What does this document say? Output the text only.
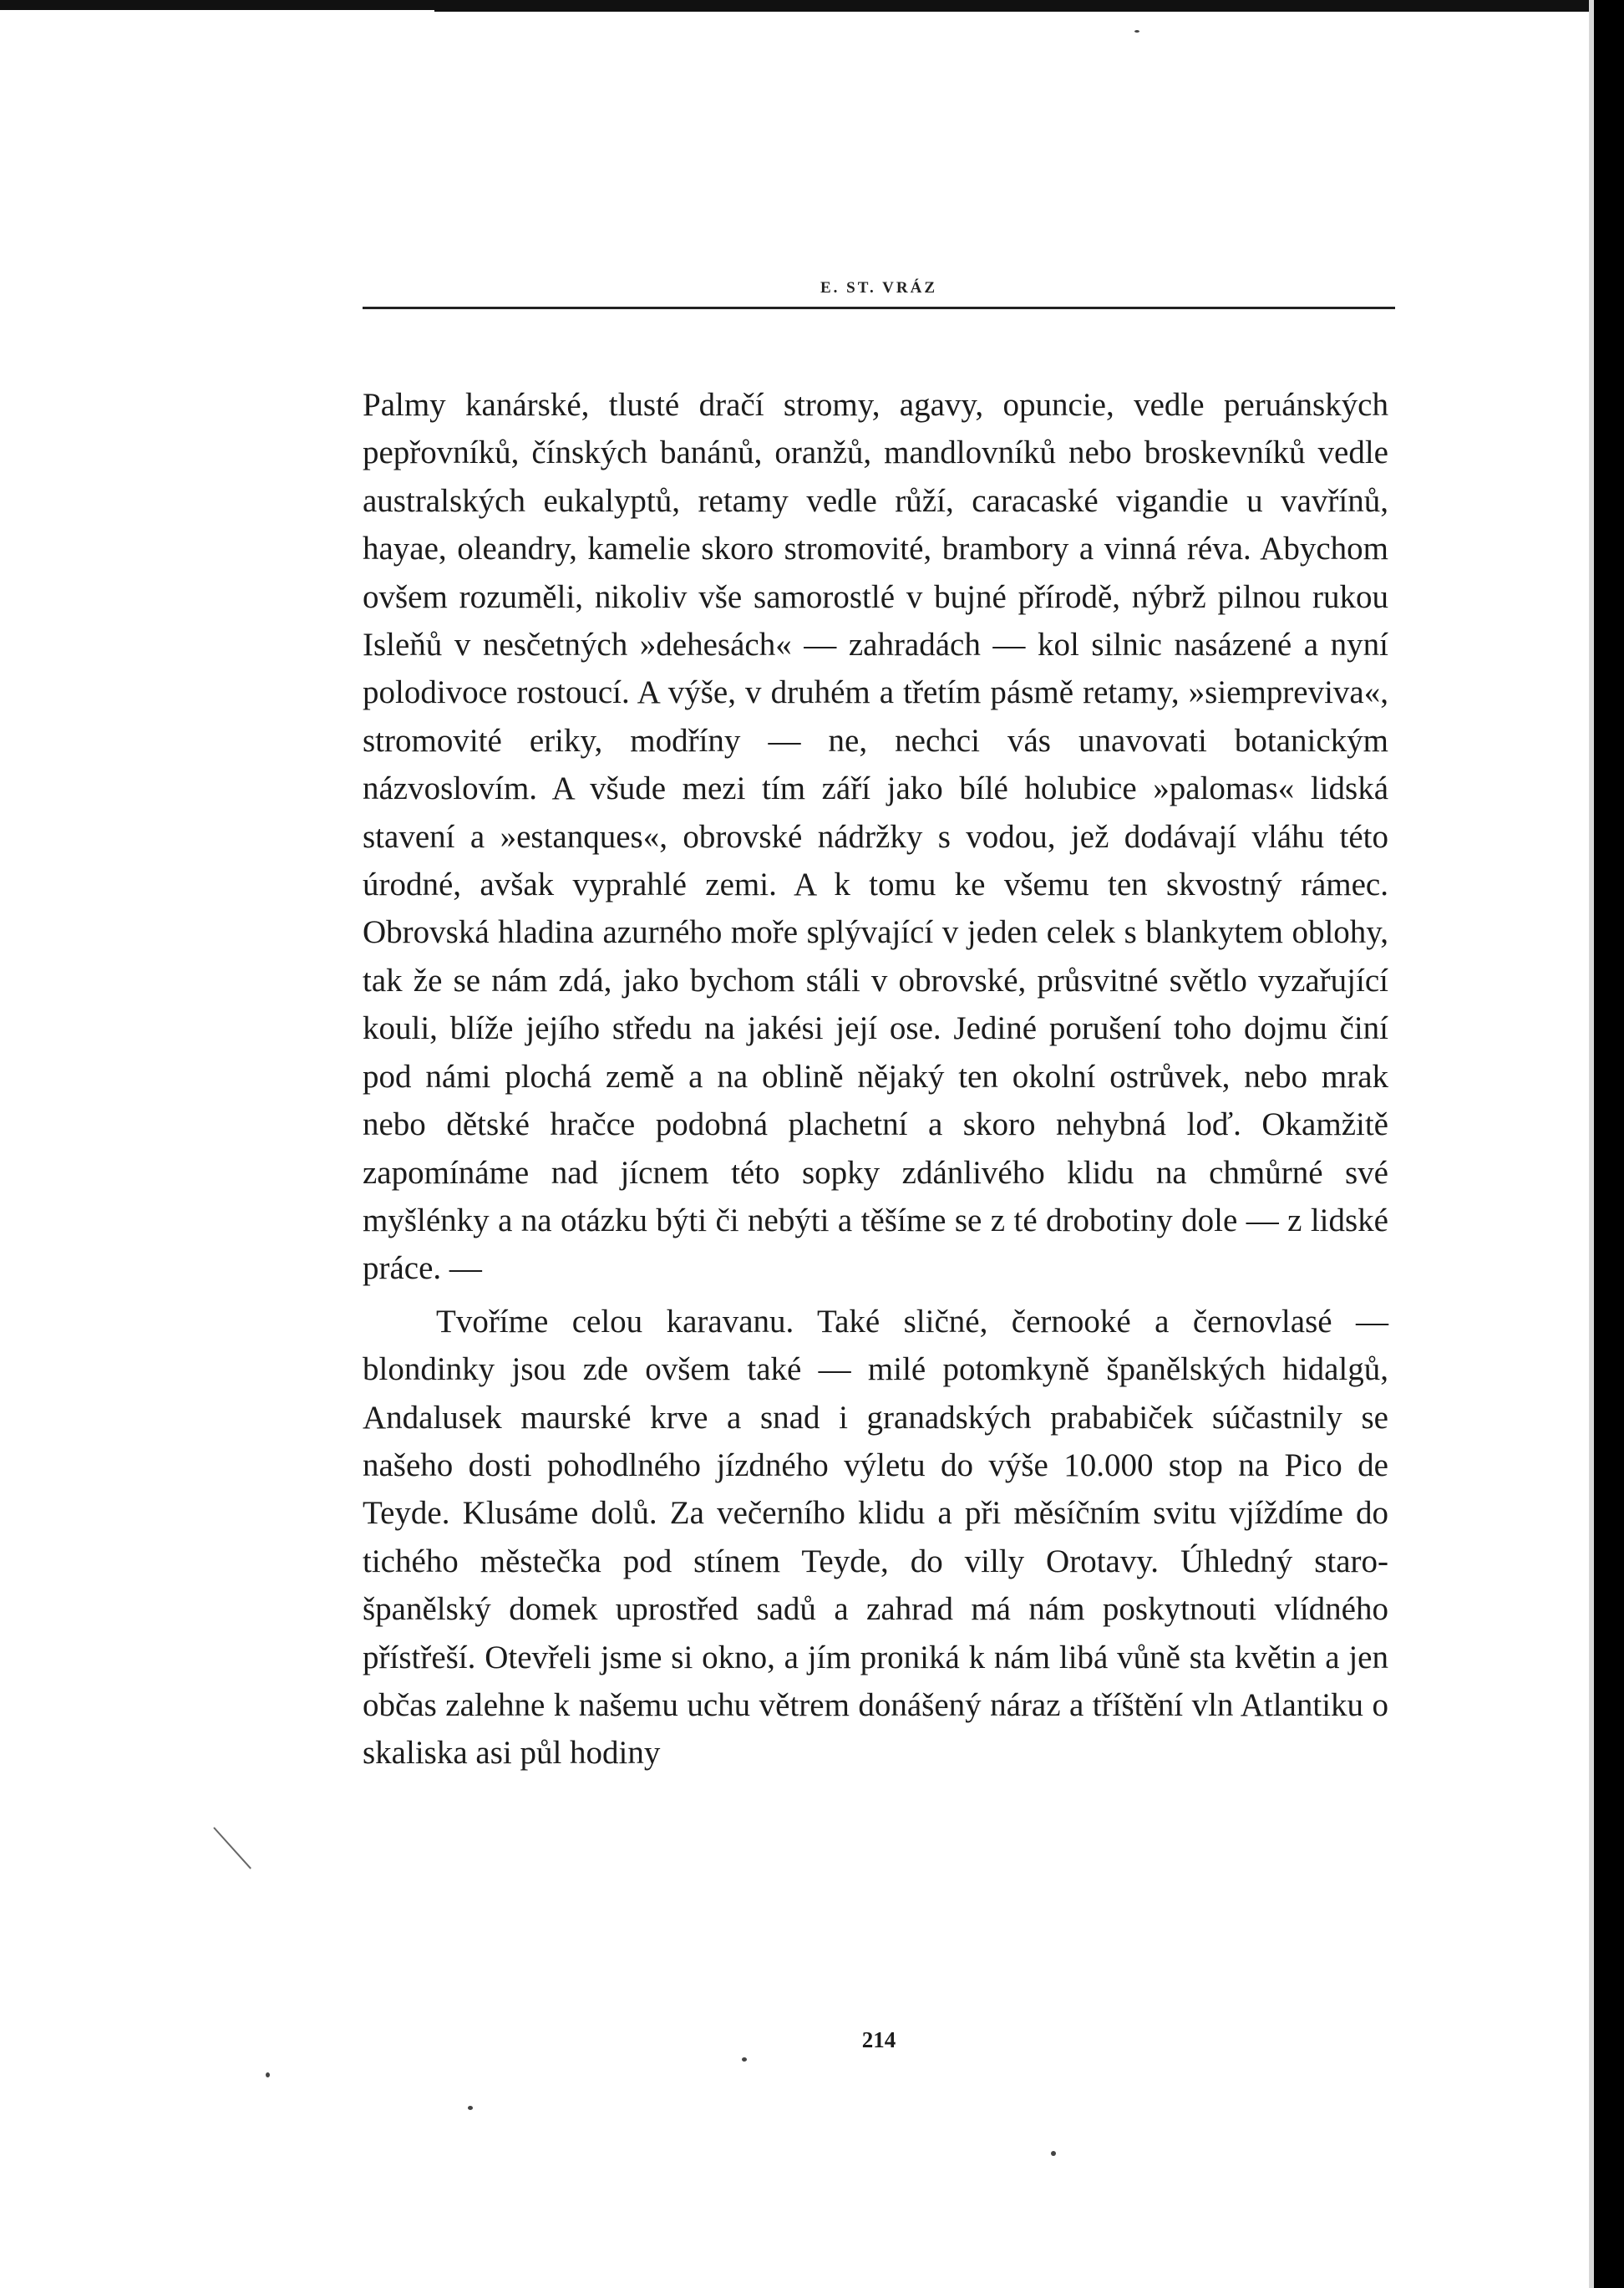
E. ST. VRÁZ

Palmy kanárské, tlusté dračí stromy, agavy, opuncie, vedle peruánských pepřovníků, čínských banánů, oranžů, mandlovníků nebo broskevníků vedle australských eukalyptů, retamy vedle růží, caracaské vigandie u vavřínů, hayae, oleandry, kamelie skoro stromovité, brambory a vinná réva. Abychom ovšem rozuměli, nikoliv vše samorostlé v bujné přírodě, nýbrž pilnou rukou Isleňů v nesčetných »dehesách« — zahradách — kol silnic nasázené a nyní polodivoce rostoucí. A výše, v druhém a třetím pásmě retamy, »siempreviva«, stromovité eriky, modříny — ne, nechci vás unavovati botanickým názvoslovím. A všude mezi tím září jako bílé holubice »palomas« lidská stavení a »estanques«, obrovské nádržky s vodou, jež dodávají vláhu této úrodné, avšak vyprahlé zemi. A k tomu ke všemu ten skvostný rámec. Obrovská hladina azurného moře splývající v jeden celek s blankytem oblohy, tak že se nám zdá, jako bychom stáli v obrovské, průsvitné světlo vyzařující kouli, blíže jejího středu na jakési její ose. Jediné porušení toho dojmu činí pod námi plochá země a na oblině nějaký ten okolní ostrůvek, nebo mrak nebo dětské hračce podobná plachetní a skoro nehybná loď. Okamžitě zapomínáme nad jícnem této sopky zdánlivého klidu na chmůrné své myšlénky a na otázku býti či nebýti a těšíme se z té drobotiny dole — z lidské práce. —

Tvoříme celou karavanu. Také sličné, černooké a černovlasé — blondinky jsou zde ovšem také — milé potomkyně španělských hidalgů, Andalusek maurské krve a snad i granadských prababiček súčastnily se našeho dosti pohodlného jízdného výletu do výše 10.000 stop na Pico de Teyde. Klusáme dolů. Za večerního klidu a při měsíčním svitu vjíždíme do tichého městečka pod stínem Teyde, do villy Orotavy. Úhledný staro-španělský domek uprostřed sadů a zahrad má nám poskytnouti vlídného přístřeší. Otevřeli jsme si okno, a jím proniká k nám libá vůně sta květin a jen občas zalehne k našemu uchu větrem donášený náraz a tříštění vln Atlantiku o skaliska asi půl hodiny

214
